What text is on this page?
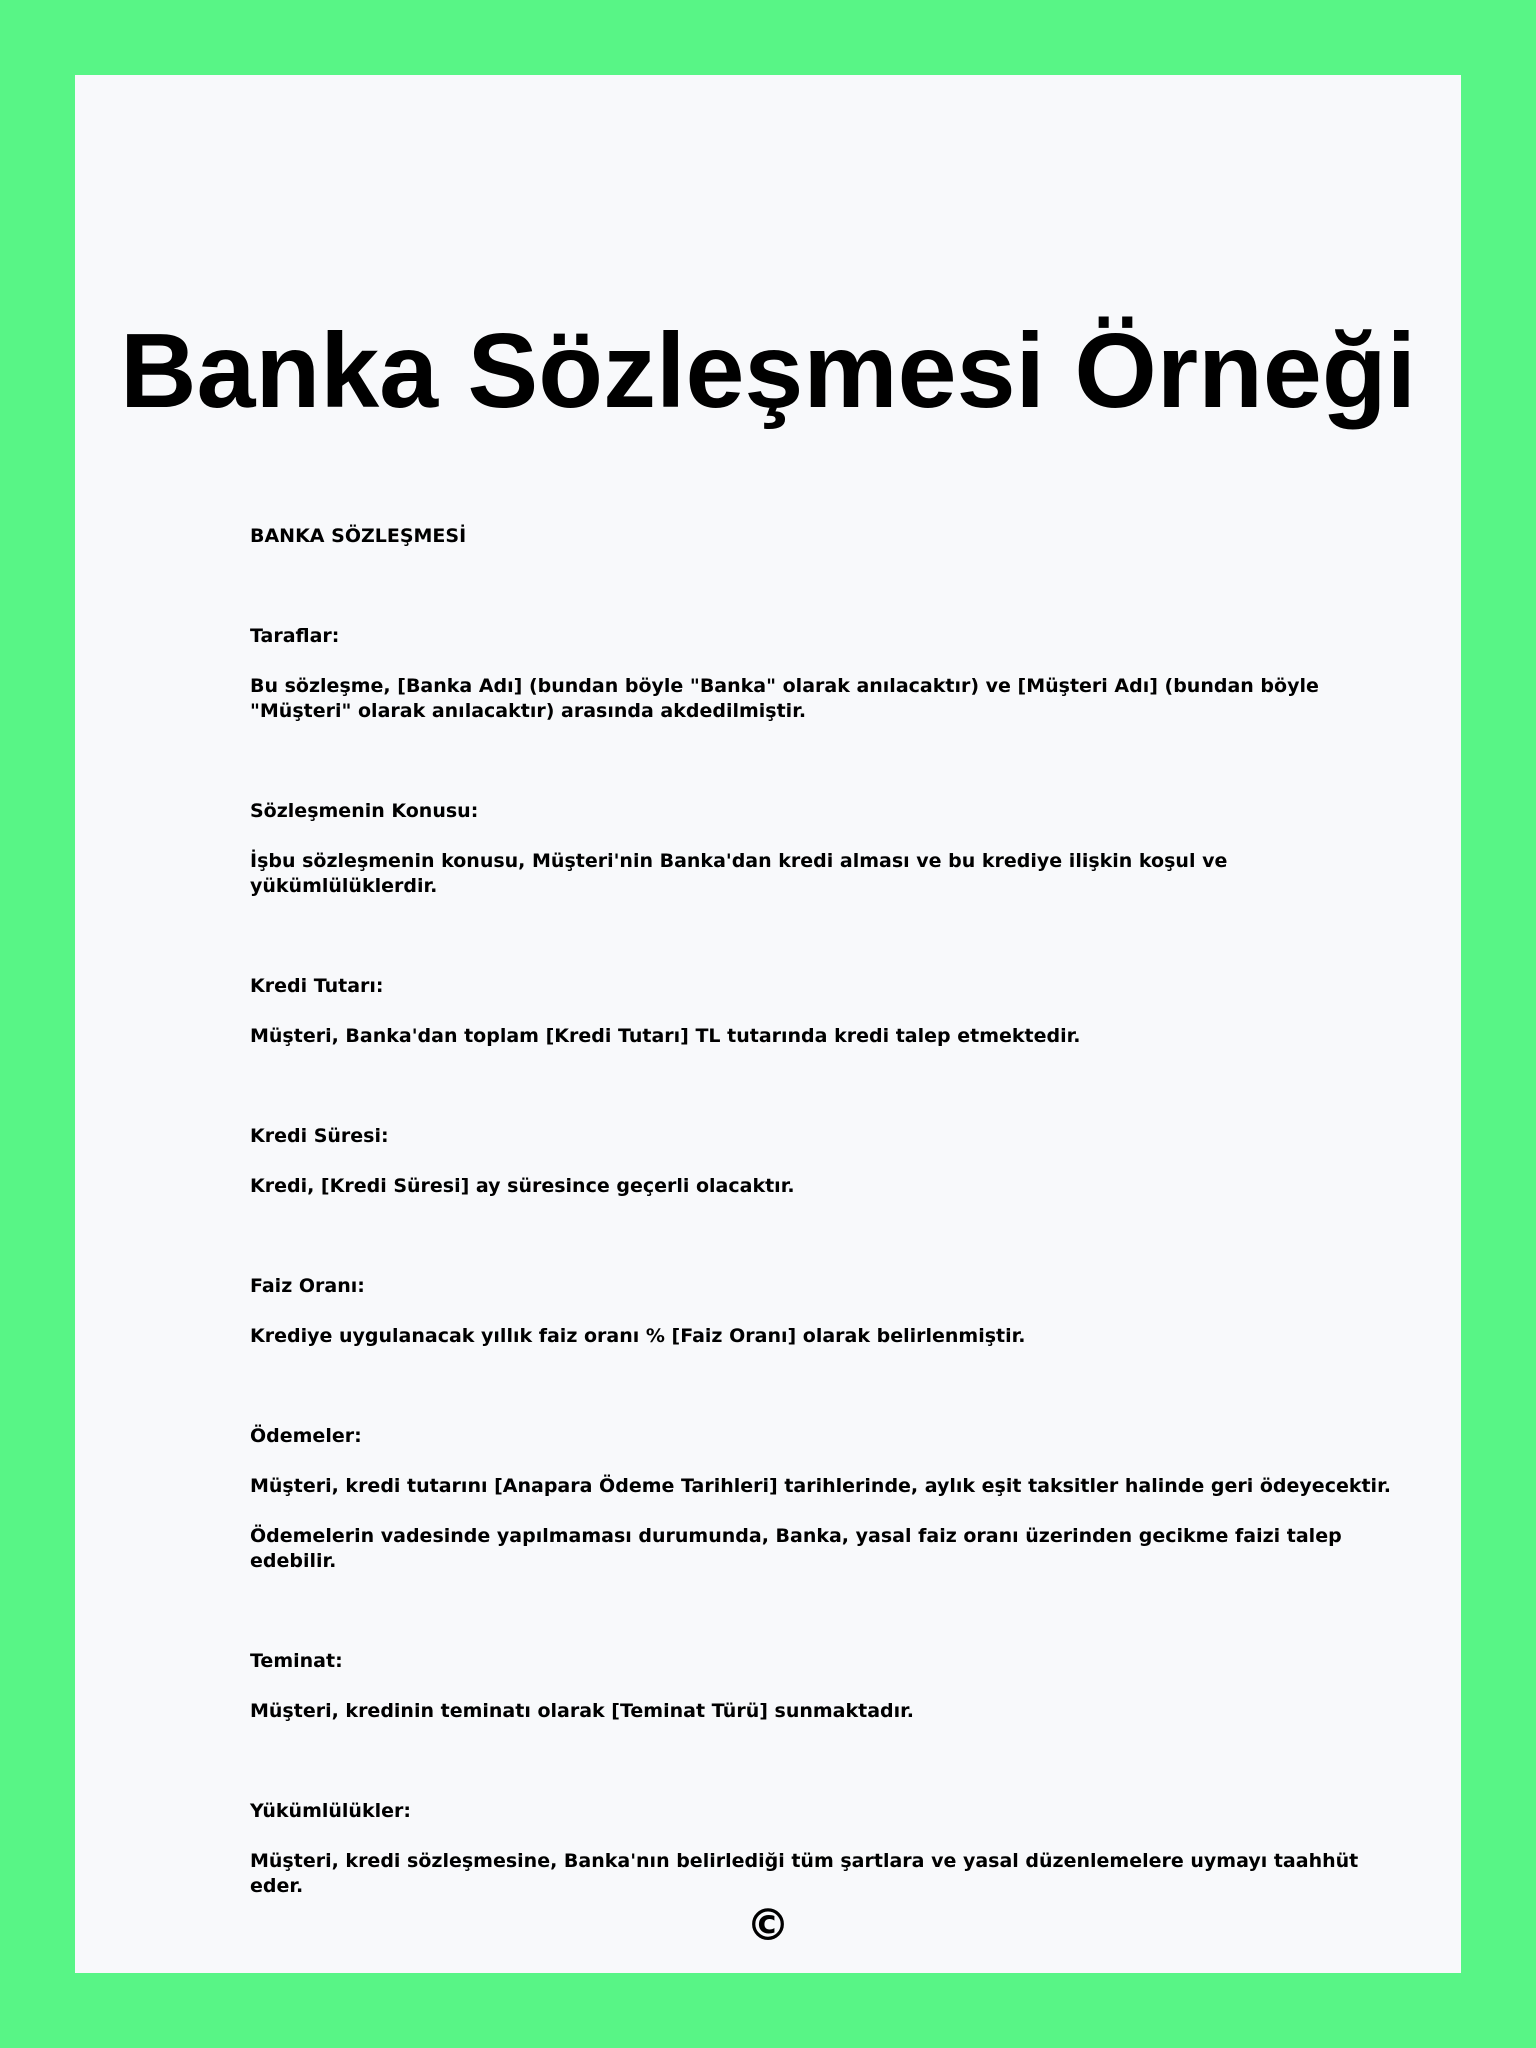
Banka Sözleşmesi Örneği
BANKA SÖZLEŞMESİ
Taraflar:
Bu sözleşme, [Banka Adı] (bundan böyle "Banka" olarak anılacaktır) ve [Müşteri Adı] (bundan böyle
"Müşteri" olarak anılacaktır) arasında akdedilmiştir.
Sözleşmenin Konusu:
İşbu sözleşmenin konusu, Müşteri'nin Banka'dan kredi alması ve bu krediye ilişkin koşul ve
yükümlülüklerdir.
Kredi Tutarı:
Müşteri, Banka'dan toplam [Kredi Tutarı] TL tutarında kredi talep etmektedir.
Kredi Süresi:
Kredi, [Kredi Süresi] ay süresince geçerli olacaktır.
Faiz Oranı:
Krediye uygulanacak yıllık faiz oranı % [Faiz Oranı] olarak belirlenmiştir.
Ödemeler:
Müşteri, kredi tutarını [Anapara Ödeme Tarihleri] tarihlerinde, aylık eşit taksitler halinde geri ödeyecektir.
Ödemelerin vadesinde yapılmaması durumunda, Banka, yasal faiz oranı üzerinden gecikme faizi talep
edebilir.
Teminat:
Müşteri, kredinin teminatı olarak [Teminat Türü] sunmaktadır.
Yükümlülükler:
Müşteri, kredi sözleşmesine, Banka'nın belirlediği tüm şartlara ve yasal düzenlemelere uymayı taahhüt
eder.
©
